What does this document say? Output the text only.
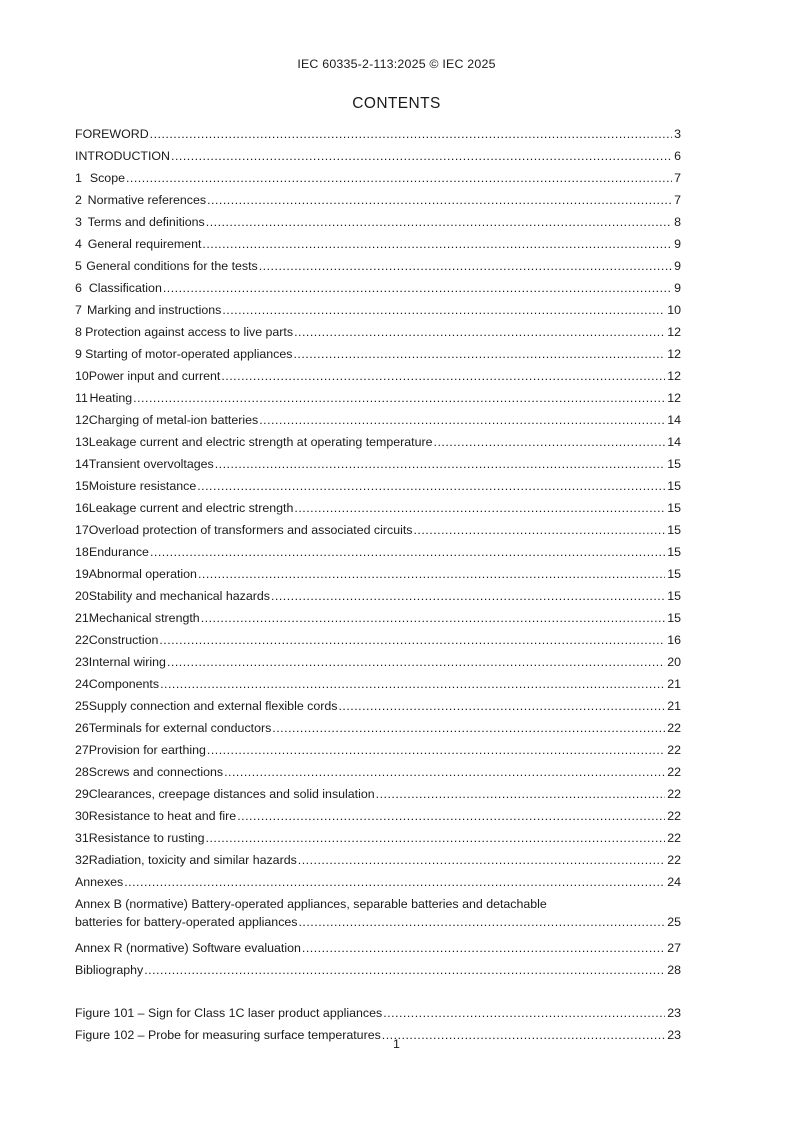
IEC 60335-2-113:2025 © IEC 2025
CONTENTS
FOREWORD .....	3
INTRODUCTION .....	6
1 Scope .....	7
2 Normative references .....	7
3 Terms and definitions .....	8
4 General requirement .....	9
5 General conditions for the tests .....	9
6 Classification .....	9
7 Marking and instructions .....	10
8 Protection against access to live parts .....	12
9 Starting of motor-operated appliances .....	12
10 Power input and current .....	12
11 Heating .....	12
12 Charging of metal-ion batteries .....	14
13 Leakage current and electric strength at operating temperature .....	14
14 Transient overvoltages .....	15
15 Moisture resistance .....	15
16 Leakage current and electric strength .....	15
17 Overload protection of transformers and associated circuits .....	15
18 Endurance .....	15
19 Abnormal operation .....	15
20 Stability and mechanical hazards .....	15
21 Mechanical strength .....	15
22 Construction .....	16
23 Internal wiring .....	20
24 Components .....	21
25 Supply connection and external flexible cords .....	21
26 Terminals for external conductors .....	22
27 Provision for earthing .....	22
28 Screws and connections .....	22
29 Clearances, creepage distances and solid insulation .....	22
30 Resistance to heat and fire .....	22
31 Resistance to rusting .....	22
32 Radiation, toxicity and similar hazards .....	22
Annexes .....	24
Annex B (normative) Battery-operated appliances, separable batteries and detachable
batteries for battery-operated appliances .....	25
Annex R (normative) Software evaluation .....	27
Bibliography .....	28
Figure 101 – Sign for Class 1C laser product appliances .....	23
Figure 102 – Probe for measuring surface temperatures .....	23
1
